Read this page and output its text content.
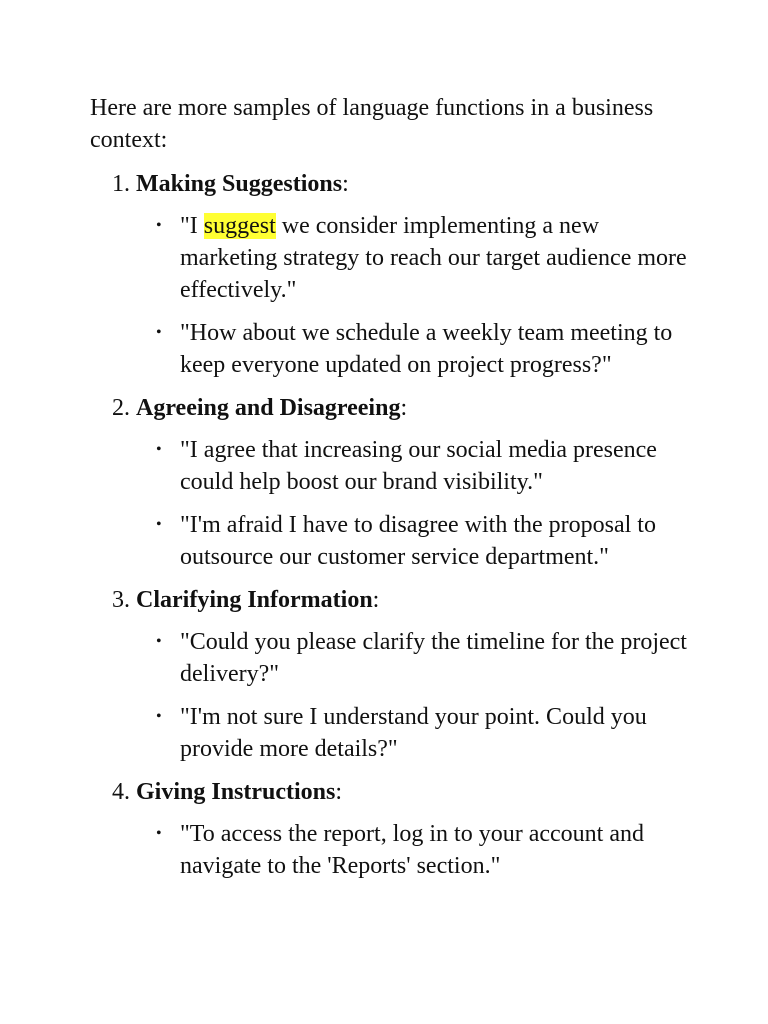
Here are more samples of language functions in a business context:

1. Making Suggestions:
• "I suggest we consider implementing a new marketing strategy to reach our target audience more effectively."
• "How about we schedule a weekly team meeting to keep everyone updated on project progress?"
2. Agreeing and Disagreeing:
• "I agree that increasing our social media presence could help boost our brand visibility."
• "I'm afraid I have to disagree with the proposal to outsource our customer service department."
3. Clarifying Information:
• "Could you please clarify the timeline for the project delivery?"
• "I'm not sure I understand your point. Could you provide more details?"
4. Giving Instructions:
• "To access the report, log in to your account and navigate to the 'Reports' section."
